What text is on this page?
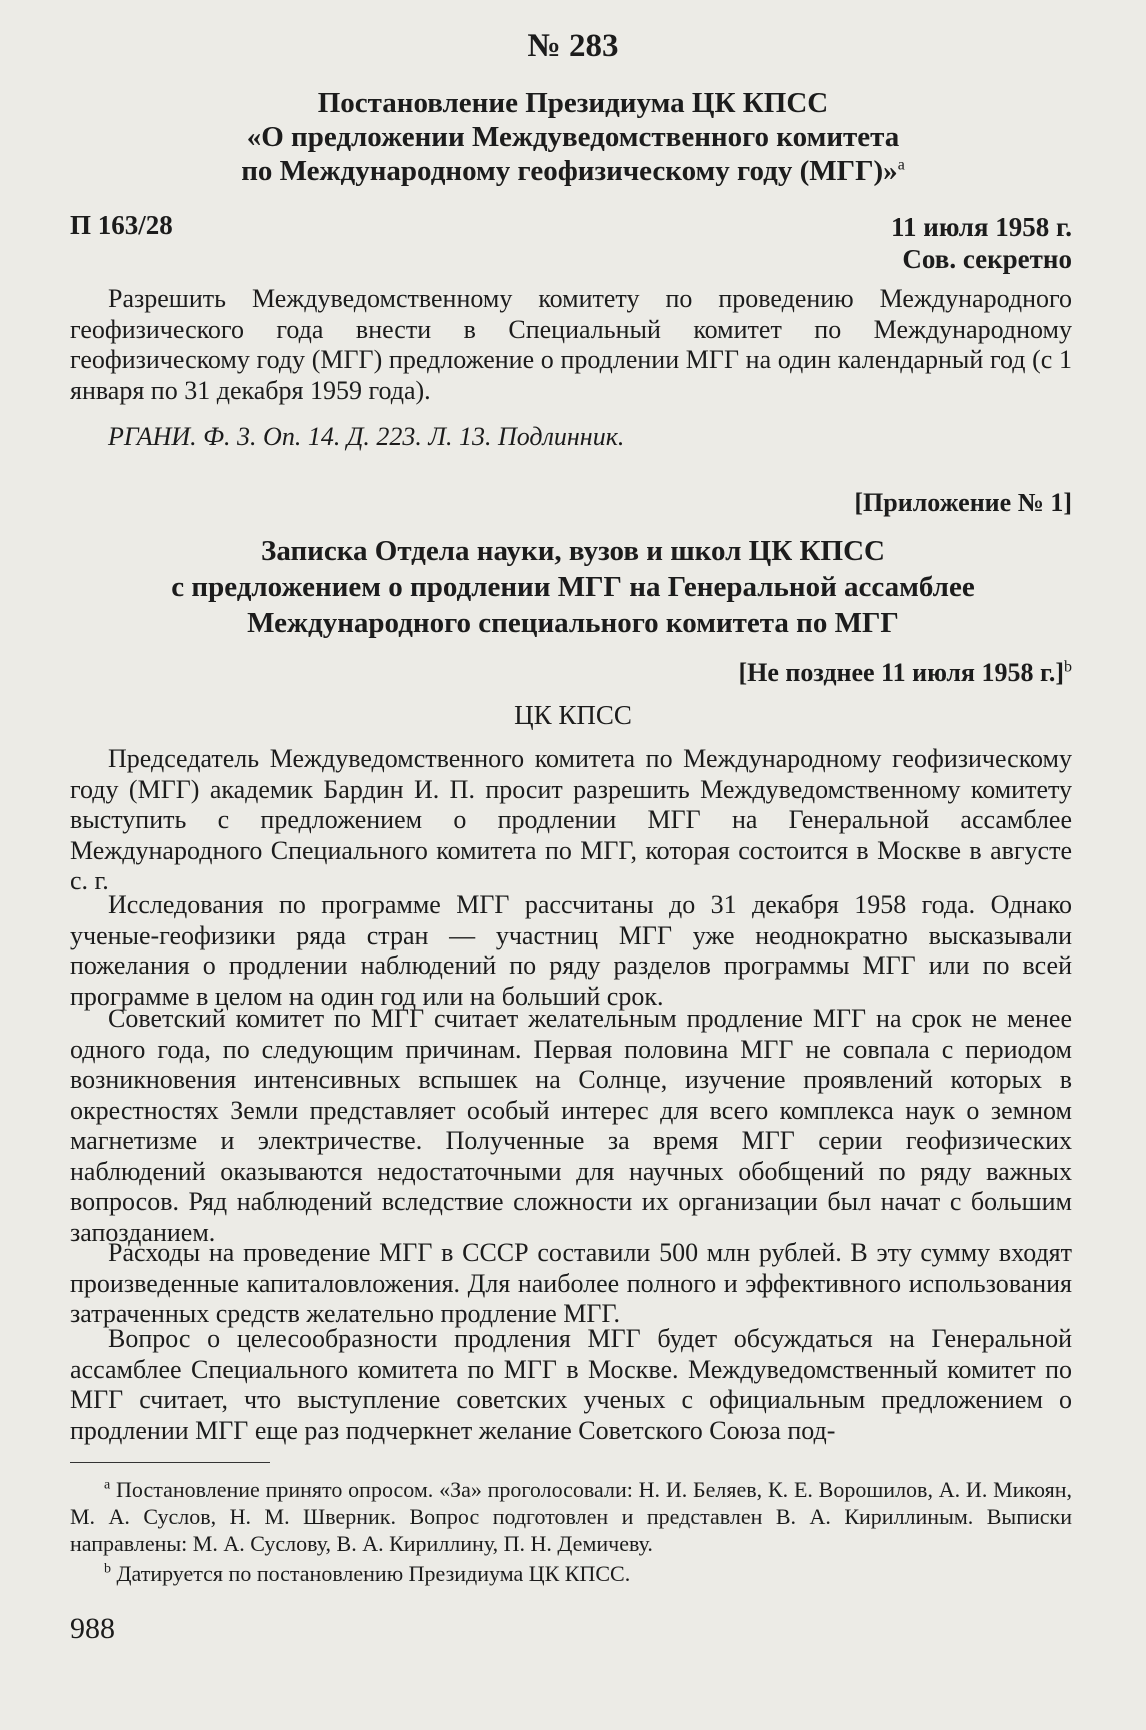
№ 283
Постановление Президиума ЦК КПСС
«О предложении Междуведомственного комитета
по Международному геофизическому году (МГГ)»$^а$
П 163/28	11 июля 1958 г.
Сов. секретно

Разрешить Междуведомственному комитету по проведению Международного геофизического года внести в Специальный комитет по Международному геофизическому году (МГГ) предложение о продлении МГГ на один календарный год (с 1 января по 31 декабря 1959 года).

РГАНИ. Ф. 3. Оп. 14. Д. 223. Л. 13. Подлинник.
[Приложение № 1]
Записка Отдела науки, вузов и школ ЦК КПСС
с предложением о продлении МГГ на Генеральной ассамблее
Международного специального комитета по МГГ
[Не позднее 11 июля 1958 г.]$^b$
ЦК КПСС

Председатель Междуведомственного комитета по Международному геофизическому году (МГГ) академик Бардин И. П. просит разрешить Междуведомственному комитету выступить с предложением о продлении МГГ на Генеральной ассамблее Международного Специального комитета по МГГ, которая состоится в Москве в августе с. г.

Исследования по программе МГГ рассчитаны до 31 декабря 1958 года. Однако ученые-геофизики ряда стран — участниц МГГ уже неоднократно высказывали пожелания о продлении наблюдений по ряду разделов программы МГГ или по всей программе в целом на один год или на больший срок.

Советский комитет по МГГ считает желательным продление МГГ на срок не менее одного года, по следующим причинам. Первая половина МГГ не совпала с периодом возникновения интенсивных вспышек на Солнце, изучение проявлений которых в окрестностях Земли представляет особый интерес для всего комплекса наук о земном магнетизме и электричестве. Полученные за время МГГ серии геофизических наблюдений оказываются недостаточными для научных обобщений по ряду важных вопросов. Ряд наблюдений вследствие сложности их организации был начат с большим запозданием.

Расходы на проведение МГГ в СССР составили 500 млн рублей. В эту сумму входят произведенные капиталовложения. Для наиболее полного и эффективного использования затраченных средств желательно продление МГГ.

Вопрос о целесообразности продления МГГ будет обсуждаться на Генеральной ассамблее Специального комитета по МГГ в Москве. Междуведомственный комитет по МГГ считает, что выступление советских ученых с официальным предложением о продлении МГГ еще раз подчеркнет желание Советского Союза под-

$^а$ Постановление принято опросом. «За» проголосовали: Н. И. Беляев, К. Е. Ворошилов, А. И. Микоян, М. А. Суслов, Н. М. Шверник. Вопрос подготовлен и представлен В. А. Кириллиным. Выписки направлены: М. А. Суслову, В. А. Кириллину, П. Н. Демичеву.

$^b$ Датируется по постановлению Президиума ЦК КПСС.

988
